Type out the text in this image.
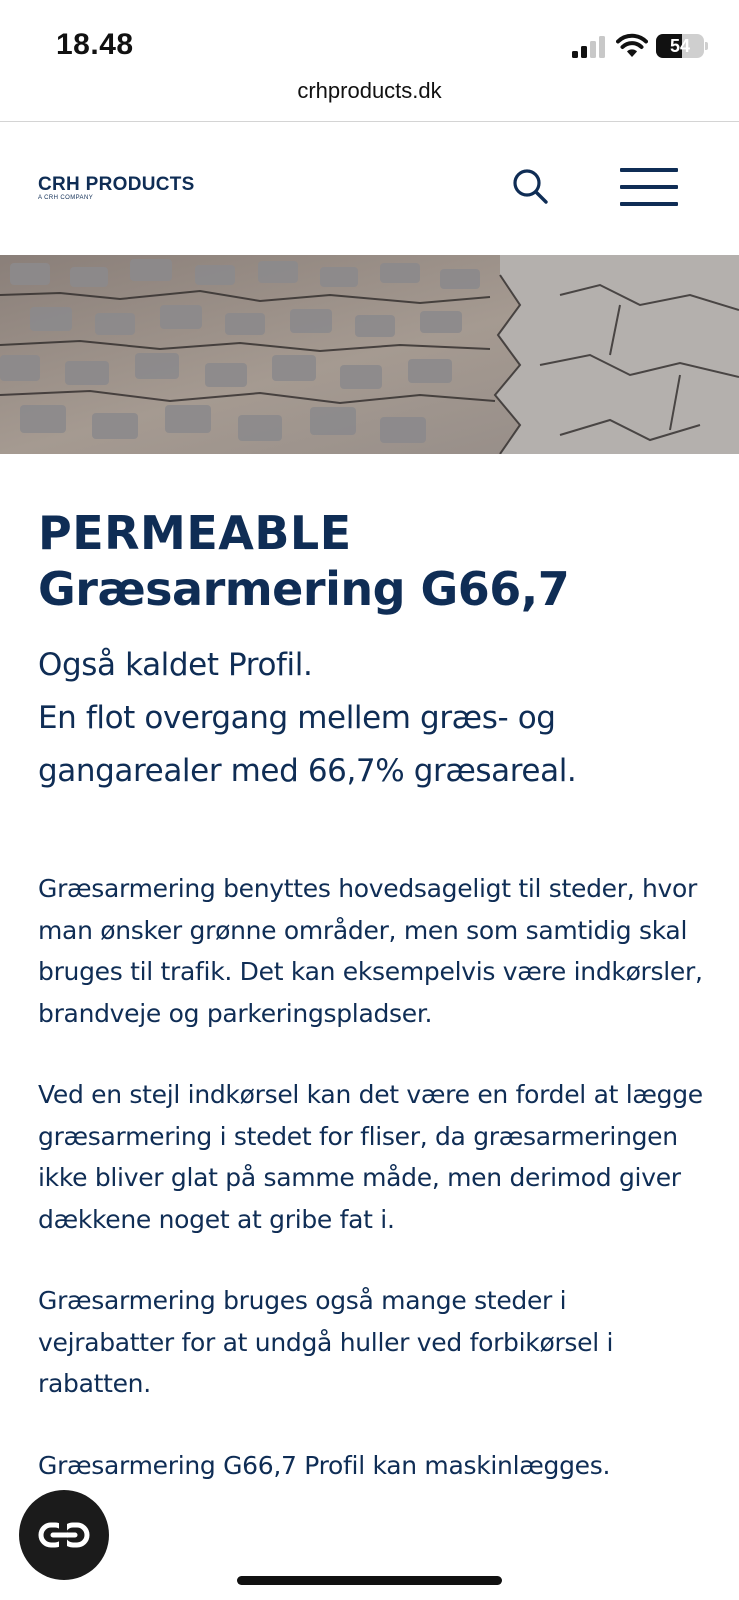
18.48	54
crhproducts.dk
CRH PRODUCTS
A CRH COMPANY
PERMEABLE
Græsarmering G66,7
Også kaldet Profil.
En flot overgang mellem græs- og gangarealer med 66,7% græsareal.

Græsarmering benyttes hovedsageligt til steder, hvor man ønsker grønne områder, men som samtidig skal bruges til trafik. Det kan eksempelvis være indkørsler, brandveje og parkeringspladser.

Ved en stejl indkørsel kan det være en fordel at lægge græsarmering i stedet for fliser, da græsarmeringen ikke bliver glat på samme måde, men derimod giver dækkene noget at gribe fat i.

Græsarmering bruges også mange steder i vejrabatter for at undgå huller ved forbikørsel i rabatten.

Græsarmering G66,7 Profil kan maskinlægges.
